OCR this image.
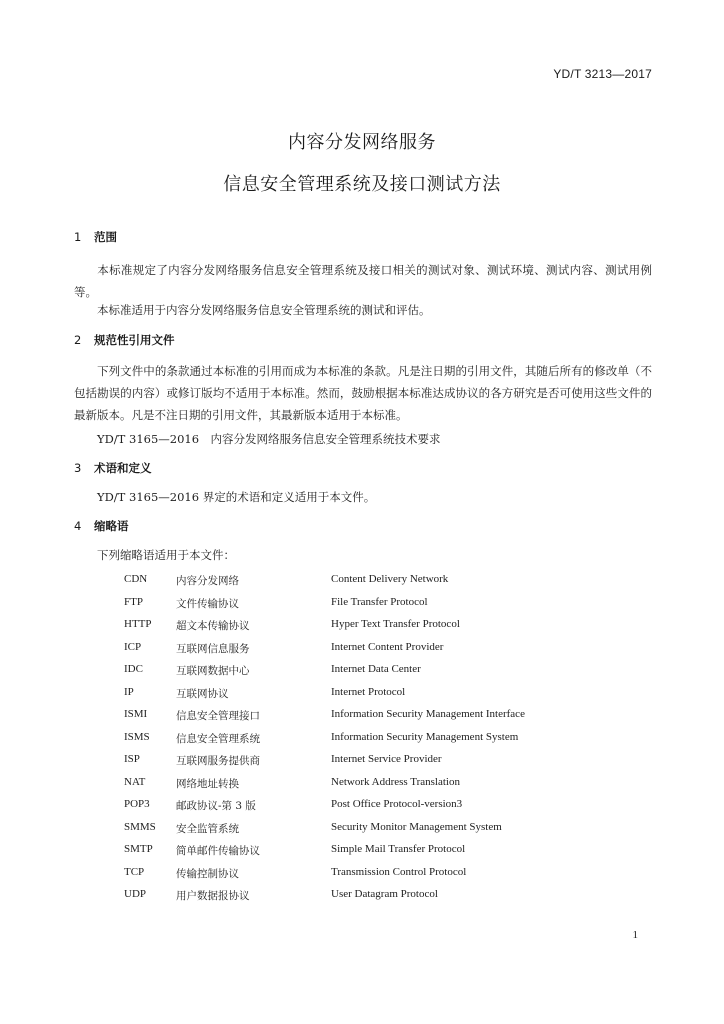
YD/T 3213—2017
内容分发网络服务
信息安全管理系统及接口测试方法
1 范围
本标准规定了内容分发网络服务信息安全管理系统及接口相关的测试对象、测试环境、测试内容、测试用例等。
本标准适用于内容分发网络服务信息安全管理系统的测试和评估。
2 规范性引用文件
下列文件中的条款通过本标准的引用而成为本标准的条款。凡是注日期的引用文件，其随后所有的修改单（不包括勘误的内容）或修订版均不适用于本标准。然而，鼓励根据本标准达成协议的各方研究是否可使用这些文件的最新版本。凡是不注日期的引用文件，其最新版本适用于本标准。
YD/T 3165—2016　内容分发网络服务信息安全管理系统技术要求
3 术语和定义
YD/T 3165—2016 界定的术语和定义适用于本文件。
4 缩略语
下列缩略语适用于本文件：
CDN	内容分发网络	Content Delivery Network
FTP	文件传输协议	File Transfer Protocol
HTTP 超文本传输协议	Hyper Text Transfer Protocol
ICP	互联网信息服务	Internet Content Provider
IDC	互联网数据中心	Internet Data Center
IP	互联网协议	Internet Protocol
ISMI	信息安全管理接口	Information Security Management Interface
ISMS	信息安全管理系统	Information Security Management System
ISP	互联网服务提供商	Internet Service Provider
NAT	网络地址转换	Network Address Translation
POP3	邮政协议-第 3 版	Post Office Protocol-version3
SMMS 安全监管系统	Security Monitor Management System
SMTP 简单邮件传输协议	Simple Mail Transfer Protocol
TCP	传输控制协议	Transmission Control Protocol
UDP	用户数据报协议	User Datagram Protocol
1
